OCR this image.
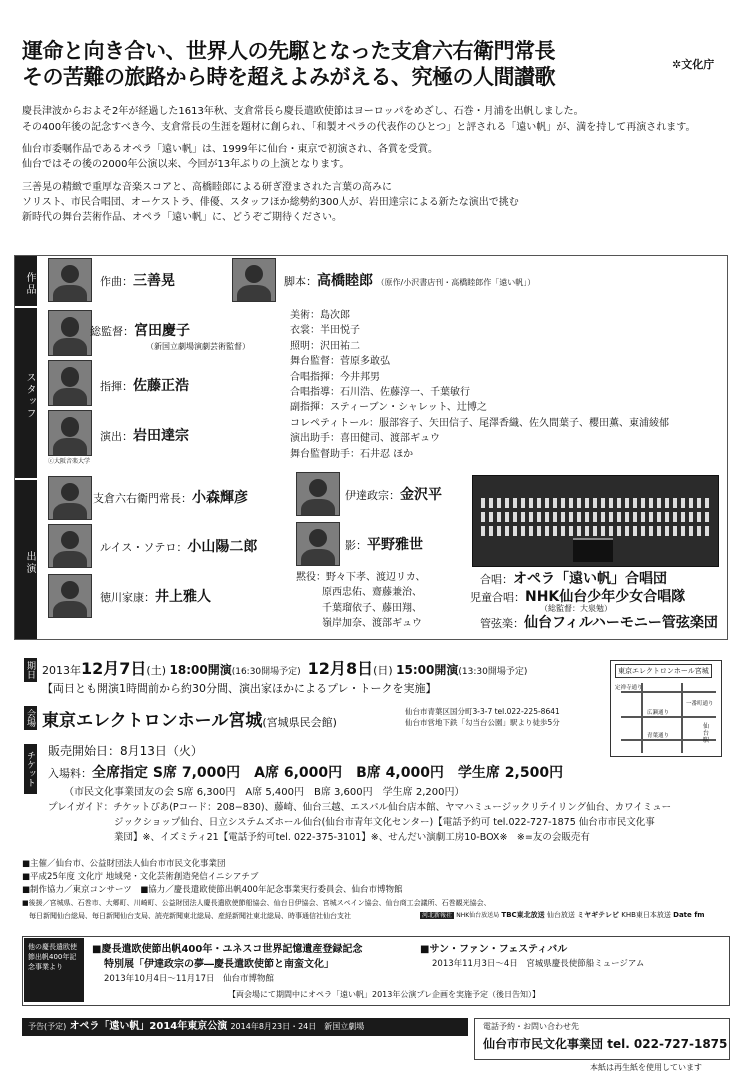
運命と向き合い、世界人の先駆となった支倉六右衛門常長
その苦難の旅路から時を超えよみがえる、究極の人間讃歌
✲文化庁
慶長津波からおよそ2年が経過した1613年秋、支倉常長ら慶長遣欧使節はヨーロッパをめざし、石巻・月浦を出帆しました。
その400年後の記念すべき今、支倉常長の生涯を題材に創られ、「和製オペラの代表作のひとつ」と評される「遠い帆」が、満を持して再演されます。
仙台市委嘱作品であるオペラ「遠い帆」は、1999年に仙台・東京で初演され、各賞を受賞。
仙台ではその後の2000年公演以来、今回が13年ぶりの上演となります。
三善晃の精緻で重厚な音楽スコアと、高橋睦郎による研ぎ澄まされた言葉の高みに
ソリスト、市民合唱団、オーケストラ、俳優、スタッフほか総勢約300人が、岩田達宗による新たな演出で挑む
新時代の舞台芸術作品、オペラ「遠い帆」に、どうぞご期待ください。
作品
スタッフ
出演
作曲：三善晃	脚本：高橋睦郎 （原作/小沢書店刊・高橋睦郎作「遠い帆」）
総監督：宮田慶子
（新国立劇場演劇芸術監督）
指揮：佐藤正浩
演出：岩田達宗
ⓒ大阪音楽大学
美術：島次郎
衣裳：半田悦子
照明：沢田祐二
舞台監督：菅原多敢弘
合唱指揮：今井邦男
合唱指導：石川浩、佐藤淳一、千葉敏行
副指揮：スティーブン・シャレット、辻博之
コレペティトール：服部容子、矢田信子、尾澤香織、佐久間葉子、櫻田薫、東浦綾郁
演出助手：喜田健司、渡部ギュウ
舞台監督助手：石井忍 ほか
支倉六右衛門常長：小森輝彦
ルイス・ソテロ：小山陽二郎
徳川家康：井上雅人
伊達政宗：金沢平
影：平野雅世
黙役：野々下孝、渡辺リカ、
原西忠佑、齋藤兼治、
千葉瑠依子、藤田翔、
嶺岸加奈、渡部ギュウ
合唱：オペラ「遠い帆」合唱団
児童合唱：NHK仙台少年少女合唱隊
（総監督：大泉勉）
管弦楽：仙台フィルハーモニー管弦楽団
期日 2013年12月7日(土) 18:00開演(16:30開場予定) 12月8日(日) 15:00開演(13:30開場予定)
【両日とも開演1時間前から約30分間、演出家ほかによるプレ・トークを実施】
会場 東京エレクトロンホール宮城(宮城県民会館)
仙台市青葉区国分町3-3-7 tel.022-225-8641
仙台市営地下鉄「勾当台公園」駅より徒歩5分
東京エレクトロンホール宮城
一番町通り
定禅寺通り
青葉通り
広瀬通り
仙台駅
チケット 販売開始日：8月13日（火）
入場料：全席指定 S席 7,000円　A席 6,000円　B席 4,000円　学生席 2,500円
（市民文化事業団友の会 S席 6,300円　A席 5,400円　B席 3,600円　学生席 2,200円）
プレイガイド：チケットぴあ(Pコード：208−830)、藤崎、仙台三越、エスパル仙台店本館、ヤマハミュージックリテイリング仙台、カワイミュー
ジックショップ仙台、日立システムズホール仙台(仙台市青年文化センター)【電話予約可 tel.022-727-1875 仙台市市民文化事
業団】※、イズミティ21【電話予約可tel. 022-375-3101】※、せんだい演劇工房10-BOX※　※=友の会販売有
■主催／仙台市、公益財団法人仙台市市民文化事業団
■平成25年度 文化庁 地域発・文化芸術創造発信イニシアチブ
■制作協力／東京コンサーツ　■協力／慶長遣欧使節出帆400年記念事業実行委員会、仙台市博物館
■後援／宮城県、石巻市、大郷町、川崎町、公益財団法人慶長遣欧使節船協会、仙台日伊協会、宮城スペイン協会、仙台商工会議所、石巻観光協会、
　毎日新聞仙台総局、毎日新聞仙台支局、読売新聞東北総局、産経新聞社東北総局、時事通信社仙台支社	河北新報社 NHK仙台放送局 TBC東北放送 仙台放送 ミヤギテレビ KHB東日本放送 Date fm
他の慶長遣欧使節出帆400年記念事業より
■慶長遣欧使節出帆400年・ユネスコ世界記憶遺産登録記念
特別展「伊達政宗の夢―慶長遣欧使節と南蛮文化」
2013年10月4日〜11月17日　仙台市博物館
■サン・ファン・フェスティバル
2013年11月3日〜4日　宮城県慶長使節船ミュージアム
【両会場にて期間中にオペラ「遠い帆」2013年公演プレ企画を実施予定（後日告知）】
予告(予定) オペラ「遠い帆」2014年東京公演 2014年8月23日・24日　新国立劇場	電話予約・お問い合わせ先
仙台市市民文化事業団 tel. 022-727-1875
本紙は再生紙を使用しています
